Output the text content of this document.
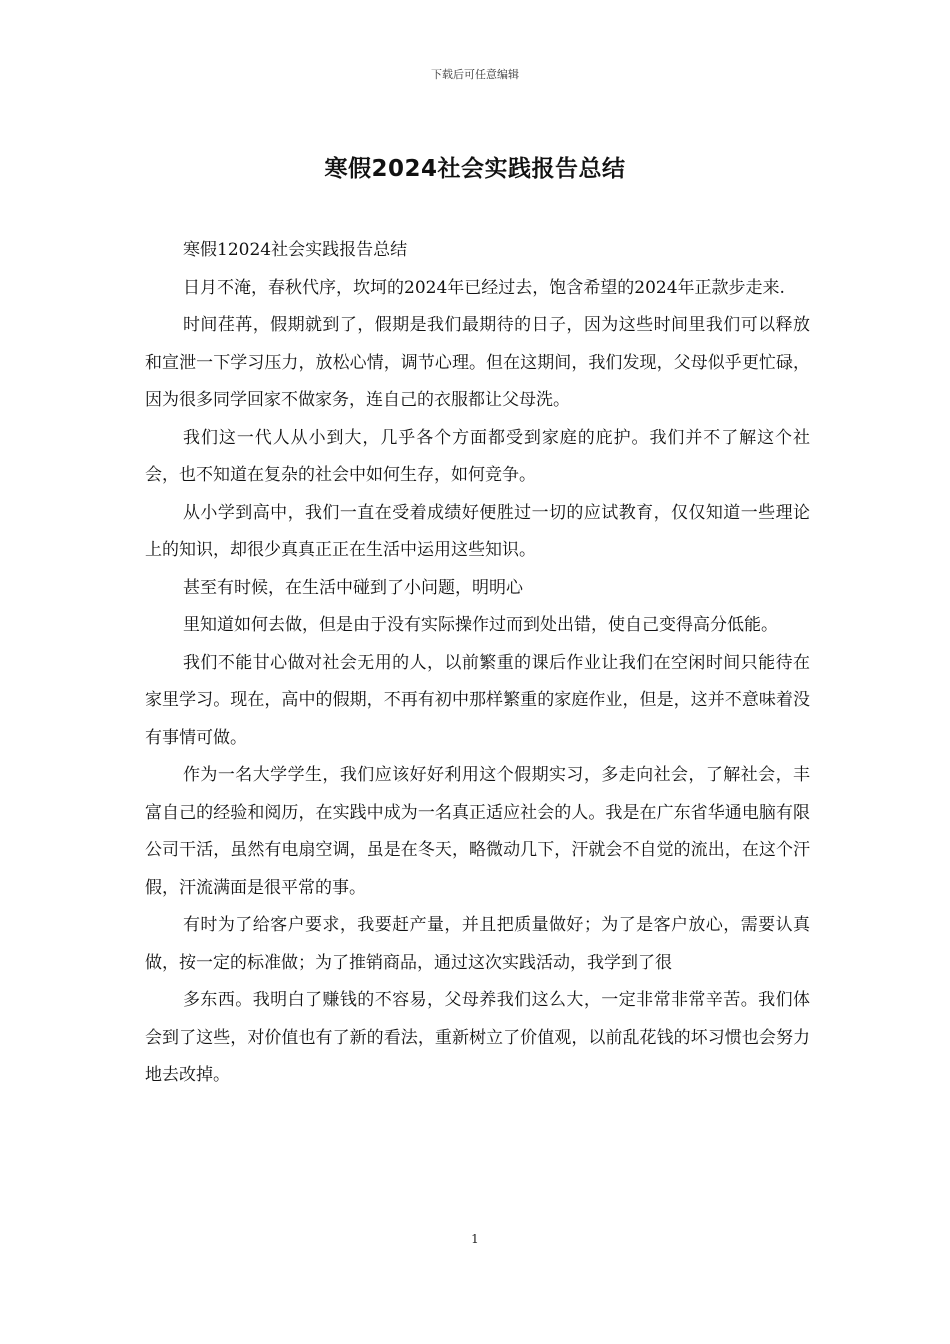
下载后可任意编辑
寒假2024社会实践报告总结

寒假12024社会实践报告总结

日月不淹，春秋代序，坎坷的2024年已经过去，饱含希望的2024年正款步走来.

时间荏苒，假期就到了，假期是我们最期待的日子，因为这些时间里我们可以释放和宣泄一下学习压力，放松心情，调节心理。但在这期间，我们发现，父母似乎更忙碌，因为很多同学回家不做家务，连自己的衣服都让父母洗。

我们这一代人从小到大，几乎各个方面都受到家庭的庇护。我们并不了解这个社会，也不知道在复杂的社会中如何生存，如何竞争。

从小学到高中，我们一直在受着成绩好便胜过一切的应试教育，仅仅知道一些理论上的知识，却很少真真正正在生活中运用这些知识。

甚至有时候，在生活中碰到了小问题，明明心

里知道如何去做，但是由于没有实际操作过而到处出错，使自己变得高分低能。

我们不能甘心做对社会无用的人，以前繁重的课后作业让我们在空闲时间只能待在家里学习。现在，高中的假期，不再有初中那样繁重的家庭作业，但是，这并不意味着没有事情可做。

作为一名大学学生，我们应该好好利用这个假期实习，多走向社会，了解社会，丰富自己的经验和阅历，在实践中成为一名真正适应社会的人。我是在广东省华通电脑有限公司干活，虽然有电扇空调，虽是在冬天，略微动几下，汗就会不自觉的流出，在这个汗假，汗流满面是很平常的事。

有时为了给客户要求，我要赶产量，并且把质量做好；为了是客户放心，需要认真做，按一定的标准做；为了推销商品，通过这次实践活动，我学到了很

多东西。我明白了赚钱的不容易，父母养我们这么大，一定非常非常辛苦。我们体会到了这些，对价值也有了新的看法，重新树立了价值观，以前乱花钱的坏习惯也会努力地去改掉。

1
